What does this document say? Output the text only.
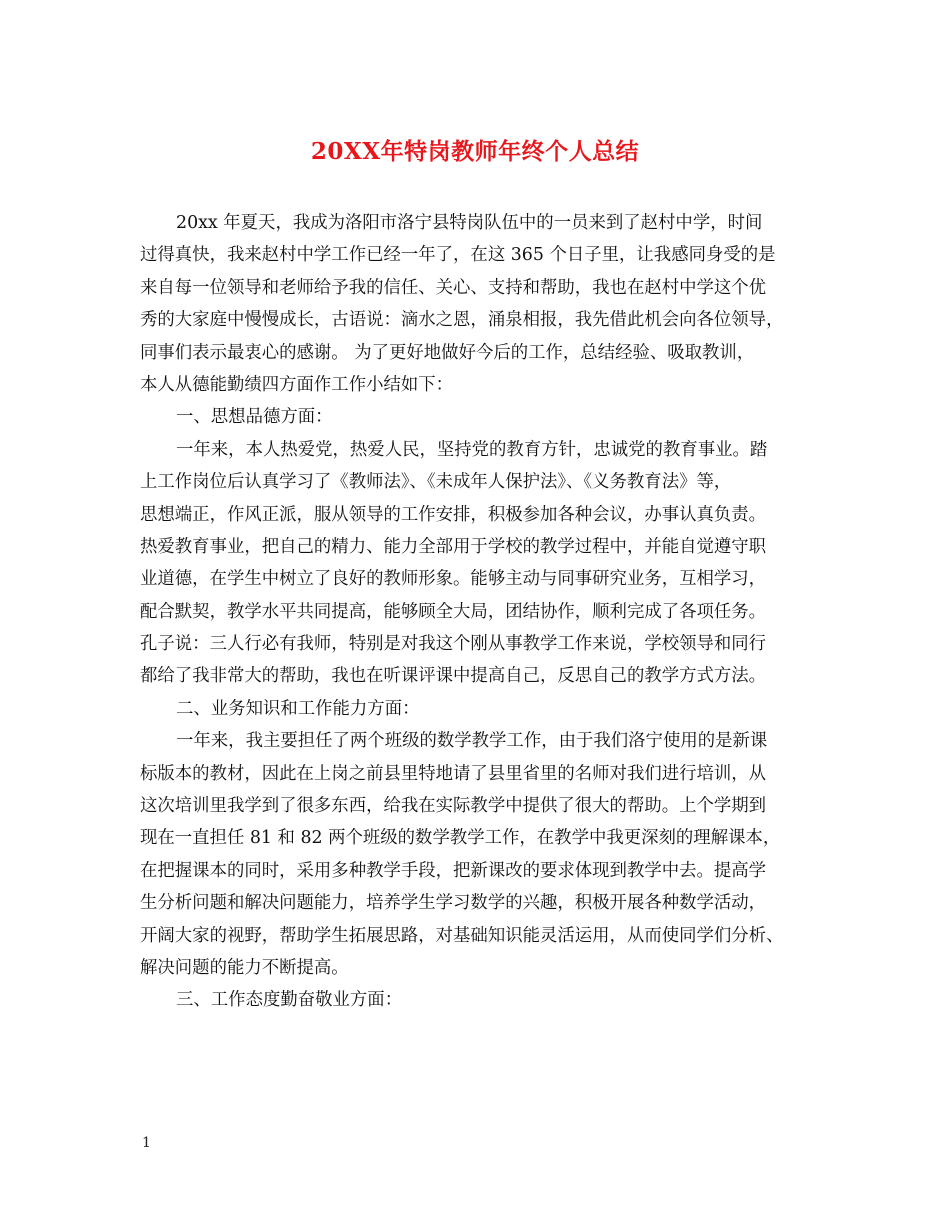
20XX年特岗教师年终个人总结
20xx 年夏天，我成为洛阳市洛宁县特岗队伍中的一员来到了赵村中学，时间
过得真快，我来赵村中学工作已经一年了，在这 365 个日子里，让我感同身受的是
来自每一位领导和老师给予我的信任、关心、支持和帮助，我也在赵村中学这个优
秀的大家庭中慢慢成长，古语说：滴水之恩，涌泉相报，我先借此机会向各位领导，
同事们表示最衷心的感谢。 为了更好地做好今后的工作，总结经验、吸取教训，
本人从德能勤绩四方面作工作小结如下：
一、思想品德方面：
一年来，本人热爱党，热爱人民，坚持党的教育方针，忠诚党的教育事业。踏
上工作岗位后认真学习了《教师法》、《未成年人保护法》、《义务教育法》等，
思想端正，作风正派，服从领导的工作安排，积极参加各种会议，办事认真负责。
热爱教育事业，把自己的精力、能力全部用于学校的教学过程中，并能自觉遵守职
业道德，在学生中树立了良好的教师形象。能够主动与同事研究业务，互相学习，
配合默契，教学水平共同提高，能够顾全大局，团结协作，顺利完成了各项任务。
孔子说：三人行必有我师，特别是对我这个刚从事教学工作来说，学校领导和同行
都给了我非常大的帮助，我也在听课评课中提高自己，反思自己的教学方式方法。
二、业务知识和工作能力方面：
一年来，我主要担任了两个班级的数学教学工作，由于我们洛宁使用的是新课
标版本的教材，因此在上岗之前县里特地请了县里省里的名师对我们进行培训，从
这次培训里我学到了很多东西，给我在实际教学中提供了很大的帮助。上个学期到
现在一直担任 81 和 82 两个班级的数学教学工作，在教学中我更深刻的理解课本，
在把握课本的同时，采用多种教学手段，把新课改的要求体现到教学中去。提高学
生分析问题和解决问题能力，培养学生学习数学的兴趣，积极开展各种数学活动，
开阔大家的视野，帮助学生拓展思路，对基础知识能灵活运用，从而使同学们分析、
解决问题的能力不断提高。
三、工作态度勤奋敬业方面：
1
